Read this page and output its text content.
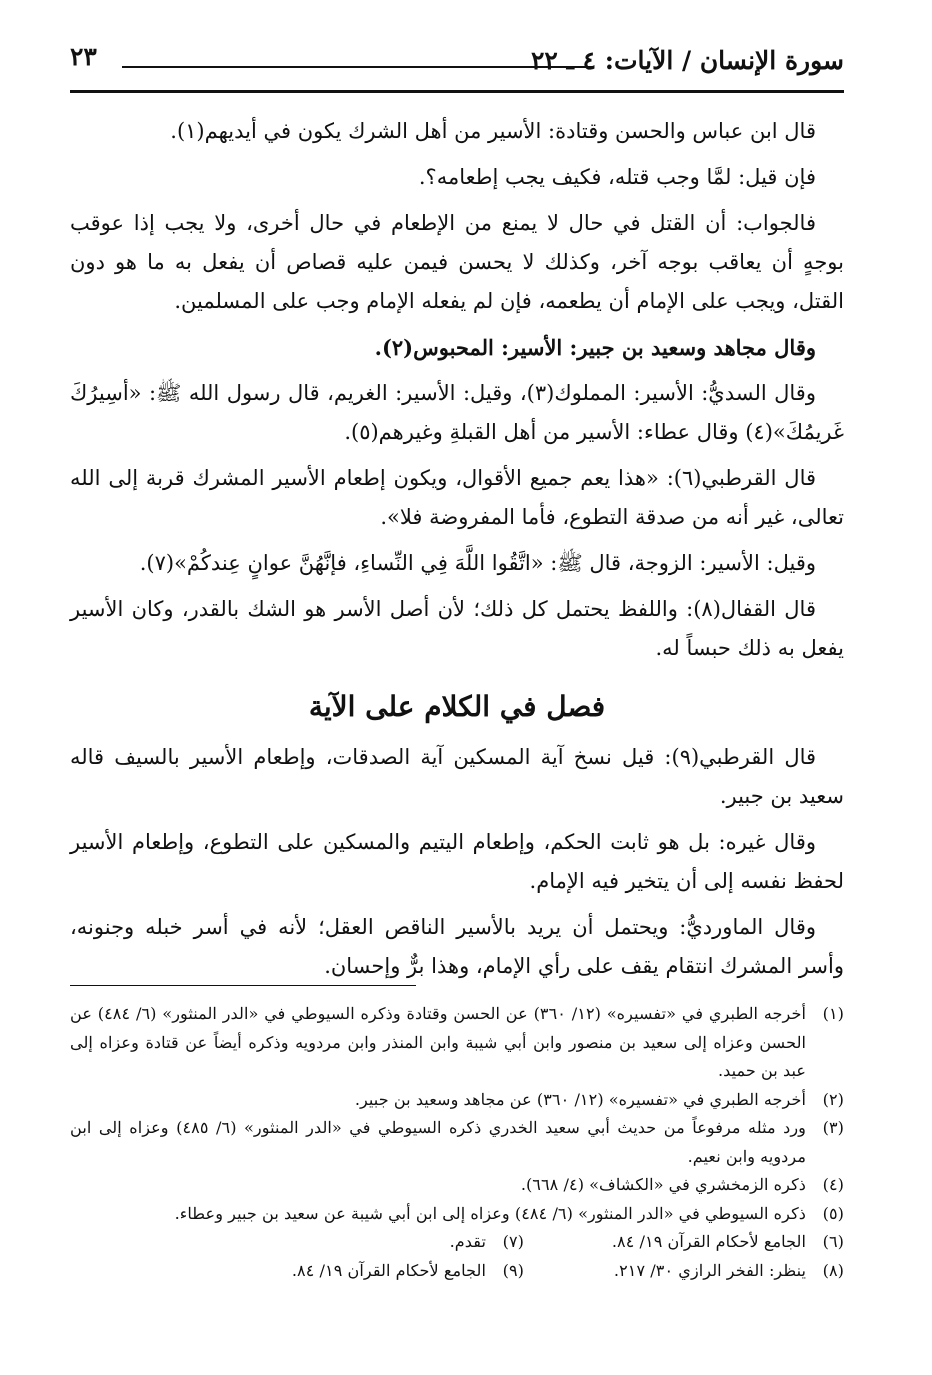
سورة الإنسان / الآيات: ٤ ـ ٢٢
٢٣

قال ابن عباس والحسن وقتادة: الأسير من أهل الشرك يكون في أيديهم(١).

فإن قيل: لمَّا وجب قتله، فكيف يجب إطعامه؟.

فالجواب: أن القتل في حال لا يمنع من الإطعام في حال أخرى، ولا يجب إذا عوقب بوجهٍ أن يعاقب بوجه آخر، وكذلك لا يحسن فيمن عليه قصاص أن يفعل به ما هو دون القتل، ويجب على الإمام أن يطعمه، فإن لم يفعله الإمام وجب على المسلمين.

وقال مجاهد وسعيد بن جبير: الأسير: المحبوس(٢).

وقال السديُّ: الأسير: المملوك(٣)، وقيل: الأسير: الغريم، قال رسول الله ﷺ: «أسِيرُكَ غَريمُكَ»(٤) وقال عطاء: الأسير من أهل القبلةِ وغيرهم(٥).

قال القرطبي(٦): «هذا يعم جميع الأقوال، ويكون إطعام الأسير المشرك قربة إلى الله تعالى، غير أنه من صدقة التطوع، فأما المفروضة فلا».

وقيل: الأسير: الزوجة، قال ﷺ: «اتَّقُوا اللَّهَ فِي النِّساءِ، فإنَّهُنَّ عوانٍ عِندكُمْ»(٧).

قال القفال(٨): واللفظ يحتمل كل ذلك؛ لأن أصل الأسر هو الشك بالقدر، وكان الأسير يفعل به ذلك حبساً له.

فصل في الكلام على الآية

قال القرطبي(٩): قيل نسخ آية المسكين آية الصدقات، وإطعام الأسير بالسيف قاله سعيد بن جبير.

وقال غيره: بل هو ثابت الحكم، وإطعام اليتيم والمسكين على التطوع، وإطعام الأسير لحفظ نفسه إلى أن يتخير فيه الإمام.

وقال الماورديُّ: ويحتمل أن يريد بالأسير الناقص العقل؛ لأنه في أسر خبله وجنونه، وأسر المشرك انتقام يقف على رأي الإمام، وهذا برٌّ وإحسان.

(١)
أخرجه الطبري في «تفسيره» (١٢/ ٣٦٠) عن الحسن وقتادة وذكره السيوطي في «الدر المنثور» (٦/ ٤٨٤) عن الحسن وعزاه إلى سعيد بن منصور وابن أبي شيبة وابن المنذر وابن مردويه وذكره أيضاً عن قتادة وعزاه إلى عبد بن حميد.
(٢)
أخرجه الطبري في «تفسيره» (١٢/ ٣٦٠) عن مجاهد وسعيد بن جبير.
(٣)
ورد مثله مرفوعاً من حديث أبي سعيد الخدري ذكره السيوطي في «الدر المنثور» (٦/ ٤٨٥) وعزاه إلى ابن مردويه وابن نعيم.
(٤)
ذكره الزمخشري في «الكشاف» (٤/ ٦٦٨).
(٥)
ذكره السيوطي في «الدر المنثور» (٦/ ٤٨٤) وعزاه إلى ابن أبي شيبة عن سعيد بن جبير وعطاء.
(٦)
الجامع لأحكام القرآن ١٩/ ٨٤.
(٧)
تقدم.
(٨)
ينظر: الفخر الرازي ٣٠/ ٢١٧.
(٩)
الجامع لأحكام القرآن ١٩/ ٨٤.
